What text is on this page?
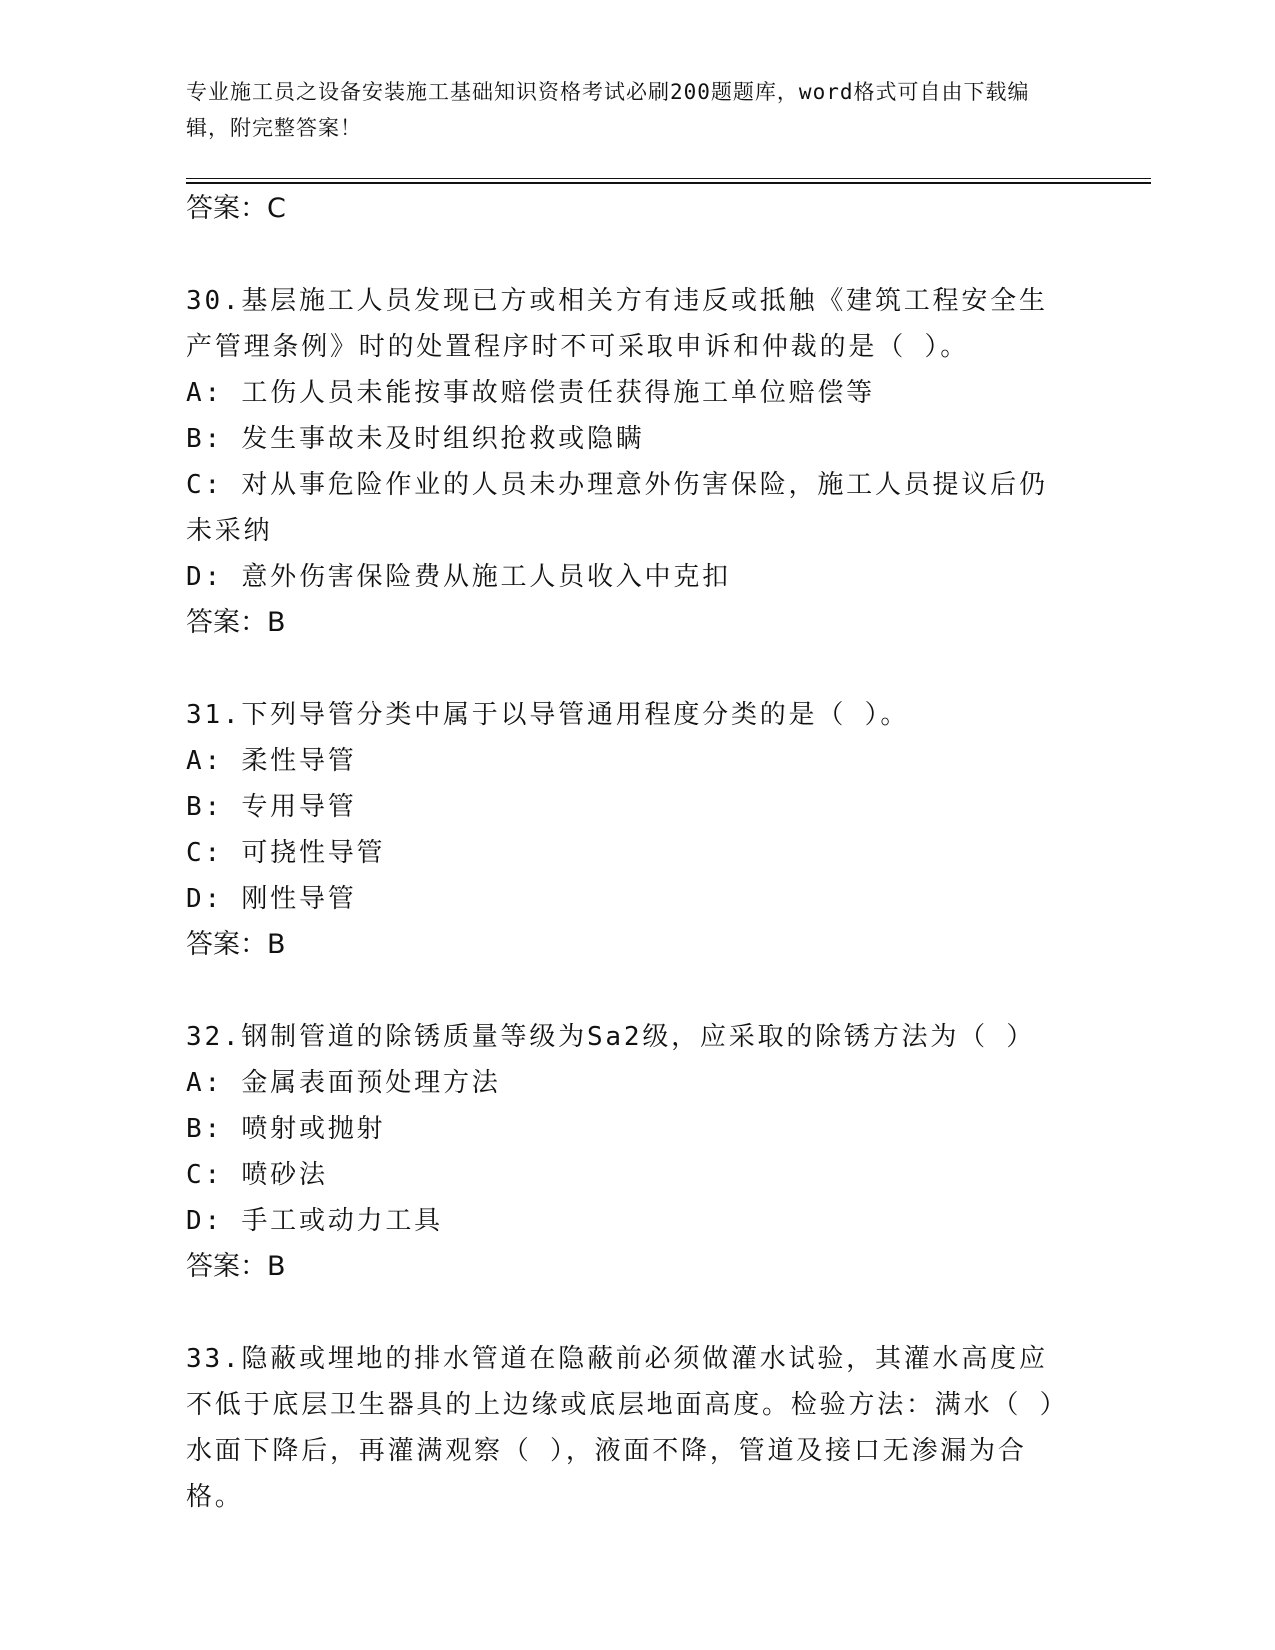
专业施工员之设备安装施工基础知识资格考试必刷200题题库，word格式可自由下载编辑，附完整答案！
答案：C
30.基层施工人员发现已方或相关方有违反或抵触《建筑工程安全生产管理条例》时的处置程序时不可采取申诉和仲裁的是（ ）。
A: 工伤人员未能按事故赔偿责任获得施工单位赔偿等
B: 发生事故未及时组织抢救或隐瞒
C: 对从事危险作业的人员未办理意外伤害保险，施工人员提议后仍未采纳
D: 意外伤害保险费从施工人员收入中克扣
答案：B
31.下列导管分类中属于以导管通用程度分类的是（ ）。
A: 柔性导管
B: 专用导管
C: 可挠性导管
D: 刚性导管
答案：B
32.钢制管道的除锈质量等级为Sa2级，应采取的除锈方法为（ ）
A: 金属表面预处理方法
B: 喷射或抛射
C: 喷砂法
D: 手工或动力工具
答案：B
33.隐蔽或埋地的排水管道在隐蔽前必须做灌水试验，其灌水高度应不低于底层卫生器具的上边缘或底层地面高度。检验方法：满水（ ）水面下降后，再灌满观察（ ），液面不降，管道及接口无渗漏为合格。
